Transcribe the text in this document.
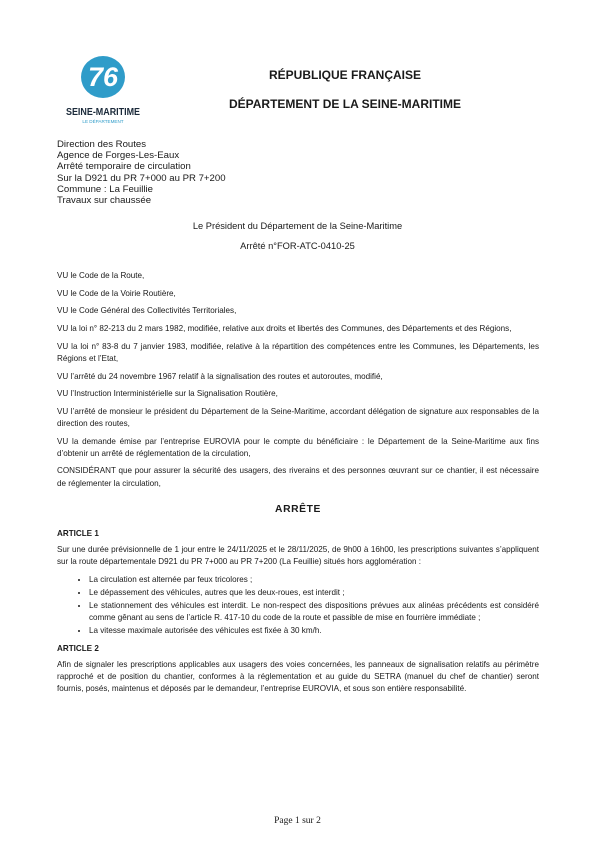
76
SEINE-MARITIME
LE DÉPARTEMENT
RÉPUBLIQUE FRANÇAISE
DÉPARTEMENT DE LA SEINE-MARITIME
Direction des Routes
Agence de Forges-Les-Eaux
Arrêté temporaire de circulation
Sur la D921 du PR 7+000 au PR 7+200
Commune : La Feuillie
Travaux sur chaussée
Le Président du Département de la Seine-Maritime
Arrêté n°FOR-ATC-0410-25

VU le Code de la Route,

VU le Code de la Voirie Routière,

VU le Code Général des Collectivités Territoriales,

VU la loi n° 82-213 du 2 mars 1982, modifiée, relative aux droits et libertés des Communes, des Départements et des Régions,

VU la loi n° 83-8 du 7 janvier 1983, modifiée, relative à la répartition des compétences entre les Communes, les Départements, les Régions et l’Etat,

VU l’arrêté du 24 novembre 1967 relatif à la signalisation des routes et autoroutes, modifié,

VU l’Instruction Interministérielle sur la Signalisation Routière,

VU l’arrêté de monsieur le président du Département de la Seine-Maritime, accordant délégation de signature aux responsables de la direction des routes,

VU la demande émise par l’entreprise EUROVIA pour le compte du bénéficiaire : le Département de la Seine-Maritime aux fins d’obtenir un arrêté de réglementation de la circulation,

CONSIDÉRANT que pour assurer la sécurité des usagers, des riverains et des personnes œuvrant sur ce chantier, il est nécessaire de réglementer la circulation,

ARRÊTE
ARTICLE 1

Sur une durée prévisionnelle de 1 jour entre le 24/11/2025 et le 28/11/2025, de 9h00 à 16h00, les prescriptions suivantes s’appliquent sur la route départementale D921 du PR 7+000 au PR 7+200 (La Feuillie) situés hors agglomération :

• La circulation est alternée par feux tricolores ;
• Le dépassement des véhicules, autres que les deux-roues, est interdit ;
• Le stationnement des véhicules est interdit. Le non-respect des dispositions prévues aux alinéas précédents est considéré comme gênant au sens de l’article R. 417-10 du code de la route et passible de mise en fourrière immédiate ;
• La vitesse maximale autorisée des véhicules est fixée à 30 km/h.
ARTICLE 2

Afin de signaler les prescriptions applicables aux usagers des voies concernées, les panneaux de signalisation relatifs au périmètre rapproché et de position du chantier, conformes à la réglementation et au guide du SETRA (manuel du chef de chantier) seront fournis, posés, maintenus et déposés par le demandeur, l’entreprise EUROVIA, et sous son entière responsabilité.

Page 1 sur 2
